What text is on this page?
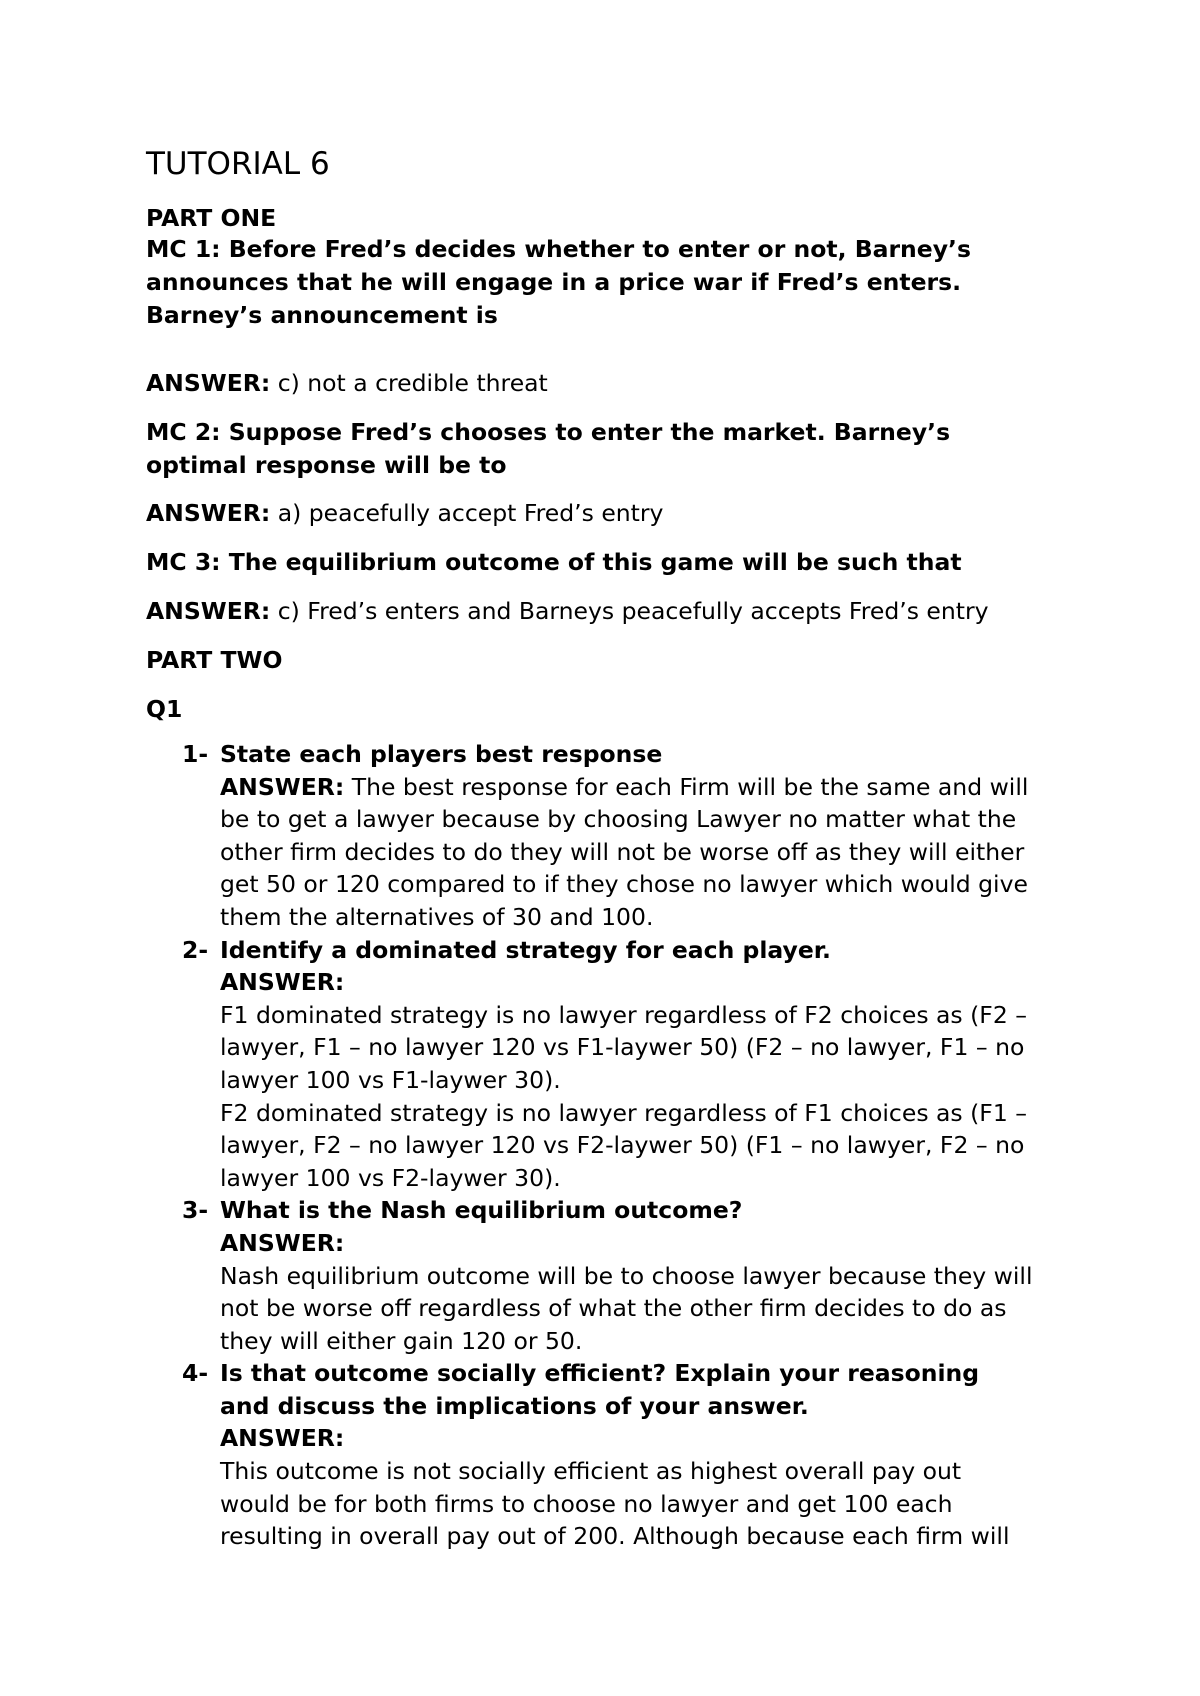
TUTORIAL 6
PART ONE
MC 1: Before Fred’s decides whether to enter or not, Barney’s
announces that he will engage in a price war if Fred’s enters.
Barney’s announcement is
ANSWER: c) not a credible threat
MC 2: Suppose Fred’s chooses to enter the market. Barney’s
optimal response will be to
ANSWER: a) peacefully accept Fred’s entry
MC 3: The equilibrium outcome of this game will be such that
ANSWER: c) Fred’s enters and Barneys peacefully accepts Fred’s entry
PART TWO
Q1
1- State each players best response
ANSWER: The best response for each Firm will be the same and will
be to get a lawyer because by choosing Lawyer no matter what the
other firm decides to do they will not be worse off as they will either
get 50 or 120 compared to if they chose no lawyer which would give
them the alternatives of 30 and 100.
2- Identify a dominated strategy for each player.
ANSWER:
F1 dominated strategy is no lawyer regardless of F2 choices as (F2 –
lawyer, F1 – no lawyer 120 vs F1-laywer 50) (F2 – no lawyer, F1 – no
lawyer 100 vs F1-laywer 30).
F2 dominated strategy is no lawyer regardless of F1 choices as (F1 –
lawyer, F2 – no lawyer 120 vs F2-laywer 50) (F1 – no lawyer, F2 – no
lawyer 100 vs F2-laywer 30).
3- What is the Nash equilibrium outcome?
ANSWER:
Nash equilibrium outcome will be to choose lawyer because they will
not be worse off regardless of what the other firm decides to do as
they will either gain 120 or 50.
4- Is that outcome socially efficient? Explain your reasoning
and discuss the implications of your answer.
ANSWER:
This outcome is not socially efficient as highest overall pay out
would be for both firms to choose no lawyer and get 100 each
resulting in overall pay out of 200. Although because each firm will
